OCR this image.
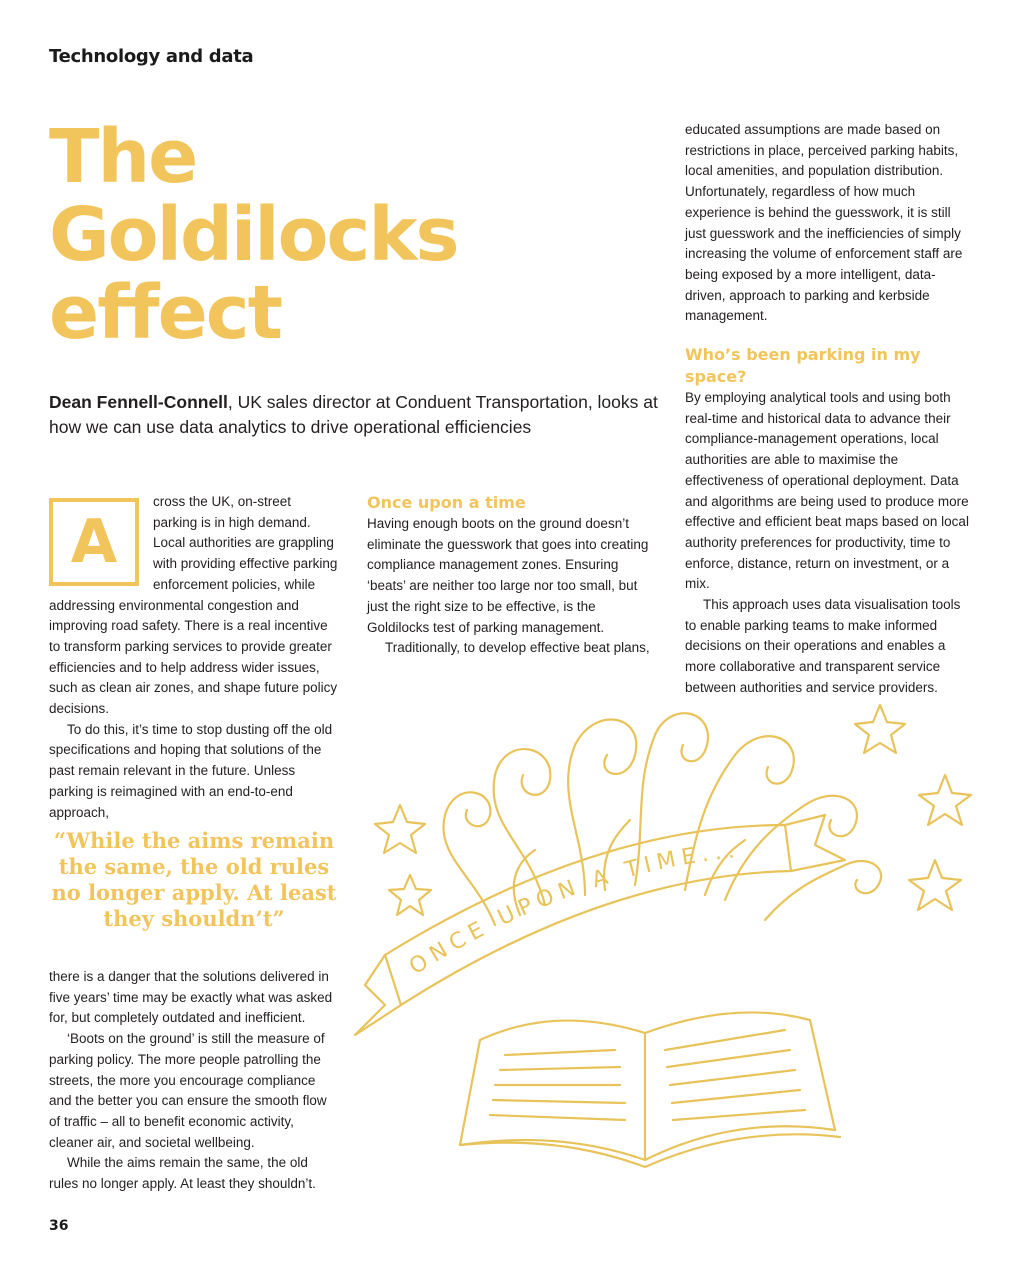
Technology and data
The
Goldilocks
effect

Dean Fennell-Connell, UK sales director at Conduent Transportation, looks at how we can use data analytics to drive operational efficiencies

A

cross the UK, on-street parking is in high demand. Local authorities are grappling with providing effective parking enforcement policies, while addressing environmental congestion and improving road safety. There is a real incentive to transform parking services to provide greater efficiencies and to help address wider issues, such as clean air zones, and shape future policy decisions.

To do this, it’s time to stop dusting off the old specifications and hoping that solutions of the past remain relevant in the future. Unless parking is reimagined with an end-to-end approach,

“While the aims remain the same, the old rules no longer apply. At least they shouldn’t”

there is a danger that the solutions delivered in five years’ time may be exactly what was asked for, but completely outdated and inefficient.

‘Boots on the ground’ is still the measure of parking policy. The more people patrolling the streets, the more you encourage compliance and the better you can ensure the smooth flow of traffic – all to benefit economic activity, cleaner air, and societal wellbeing.

While the aims remain the same, the old rules no longer apply. At least they shouldn’t.

Once upon a time

Having enough boots on the ground doesn’t eliminate the guesswork that goes into creating compliance management zones. Ensuring ‘beats’ are neither too large nor too small, but just the right size to be effective, is the Goldilocks test of parking management.

Traditionally, to develop effective beat plans,

educated assumptions are made based on restrictions in place, perceived parking habits, local amenities, and population distribution. Unfortunately, regardless of how much experience is behind the guesswork, it is still just guesswork and the inefficiencies of simply increasing the volume of enforcement staff are being exposed by a more intelligent, data-driven, approach to parking and kerbside management.

Who’s been parking in my space?

By employing analytical tools and using both real-time and historical data to advance their compliance-management operations, local authorities are able to maximise the effectiveness of operational deployment. Data and algorithms are being used to produce more effective and efficient beat maps based on local authority preferences for productivity, time to enforce, distance, return on investment, or a mix.

This approach uses data visualisation tools to enable parking teams to make informed decisions on their operations and enables a more collaborative and transparent service between authorities and service providers.

ONCE UPON A TIME...
36
